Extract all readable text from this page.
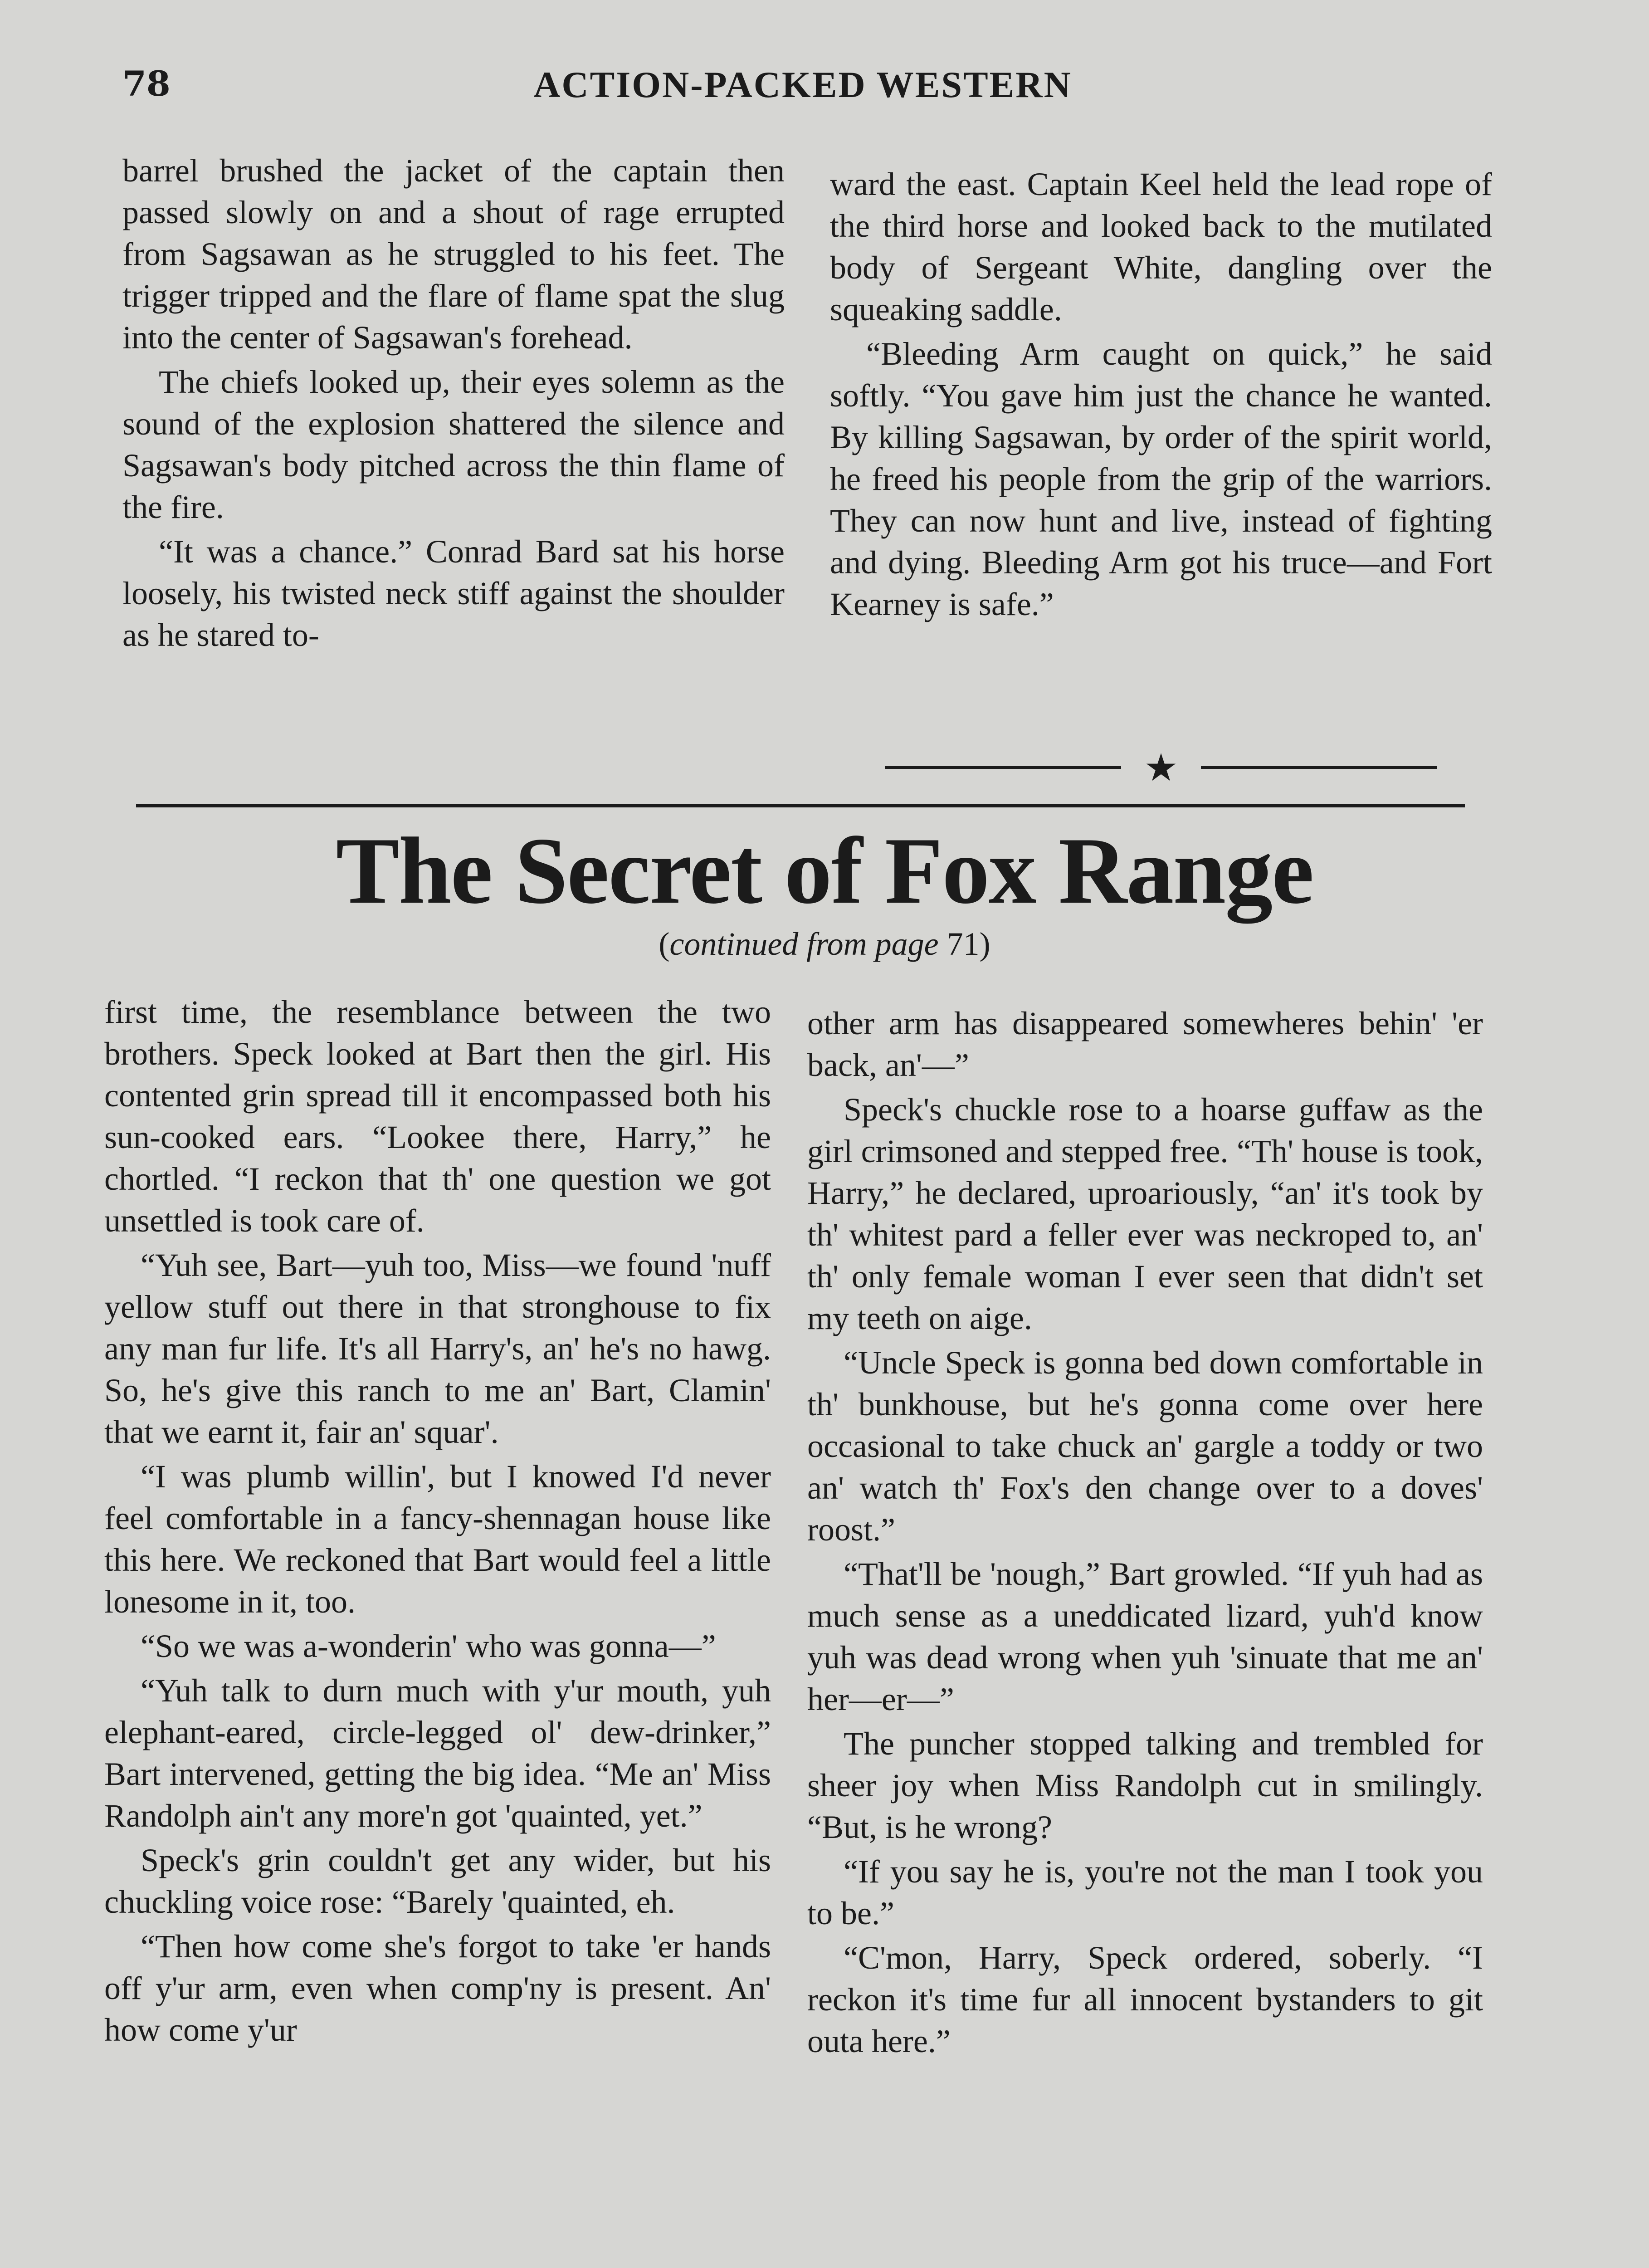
78	ACTION-PACKED WESTERN

barrel brushed the jacket of the captain then passed slowly on and a shout of rage errupted from Sagsawan as he struggled to his feet. The trigger tripped and the flare of flame spat the slug into the center of Sagsawan's forehead.

The chiefs looked up, their eyes solemn as the sound of the explosion shattered the silence and Sagsawan's body pitched across the thin flame of the fire.

“It was a chance.” Conrad Bard sat his horse loosely, his twisted neck stiff against the shoulder as he stared to-

ward the east. Captain Keel held the lead rope of the third horse and looked back to the mutilated body of Sergeant White, dangling over the squeaking saddle.

“Bleeding Arm caught on quick,” he said softly. “You gave him just the chance he wanted. By killing Sagsawan, by order of the spirit world, he freed his people from the grip of the warriors. They can now hunt and live, instead of fighting and dying. Bleeding Arm got his truce—and Fort Kearney is safe.”

★
The Secret of Fox Range
(continued from page 71)

first time, the resemblance between the two brothers. Speck looked at Bart then the girl. His contented grin spread till it encompassed both his sun-cooked ears. “Lookee there, Harry,” he chortled. “I reckon that th' one question we got unsettled is took care of.

“Yuh see, Bart—yuh too, Miss—we found 'nuff yellow stuff out there in that stronghouse to fix any man fur life. It's all Harry's, an' he's no hawg. So, he's give this ranch to me an' Bart, Clamin' that we earnt it, fair an' squar'.

“I was plumb willin', but I knowed I'd never feel comfortable in a fancy-shennagan house like this here. We reckoned that Bart would feel a little lonesome in it, too.

“So we was a-wonderin' who was gonna—”

“Yuh talk to durn much with y'ur mouth, yuh elephant-eared, circle-legged ol' dew-drinker,” Bart intervened, getting the big idea. “Me an' Miss Randolph ain't any more'n got 'quainted, yet.”

Speck's grin couldn't get any wider, but his chuckling voice rose: “Barely 'quainted, eh.

“Then how come she's forgot to take 'er hands off y'ur arm, even when comp'ny is present. An' how come y'ur

other arm has disappeared somewheres behin' 'er back, an'—”

Speck's chuckle rose to a hoarse guffaw as the girl crimsoned and stepped free. “Th' house is took, Harry,” he declared, uproariously, “an' it's took by th' whitest pard a feller ever was neckroped to, an' th' only female woman I ever seen that didn't set my teeth on aige.

“Uncle Speck is gonna bed down comfortable in th' bunkhouse, but he's gonna come over here occasional to take chuck an' gargle a toddy or two an' watch th' Fox's den change over to a doves' roost.”

“That'll be 'nough,” Bart growled. “If yuh had as much sense as a uneddicated lizard, yuh'd know yuh was dead wrong when yuh 'sinuate that me an' her—er—”

The puncher stopped talking and trembled for sheer joy when Miss Randolph cut in smilingly. “But, is he wrong?

“If you say he is, you're not the man I took you to be.”

“C'mon, Harry, Speck ordered, soberly. “I reckon it's time fur all innocent bystanders to git outa here.”
